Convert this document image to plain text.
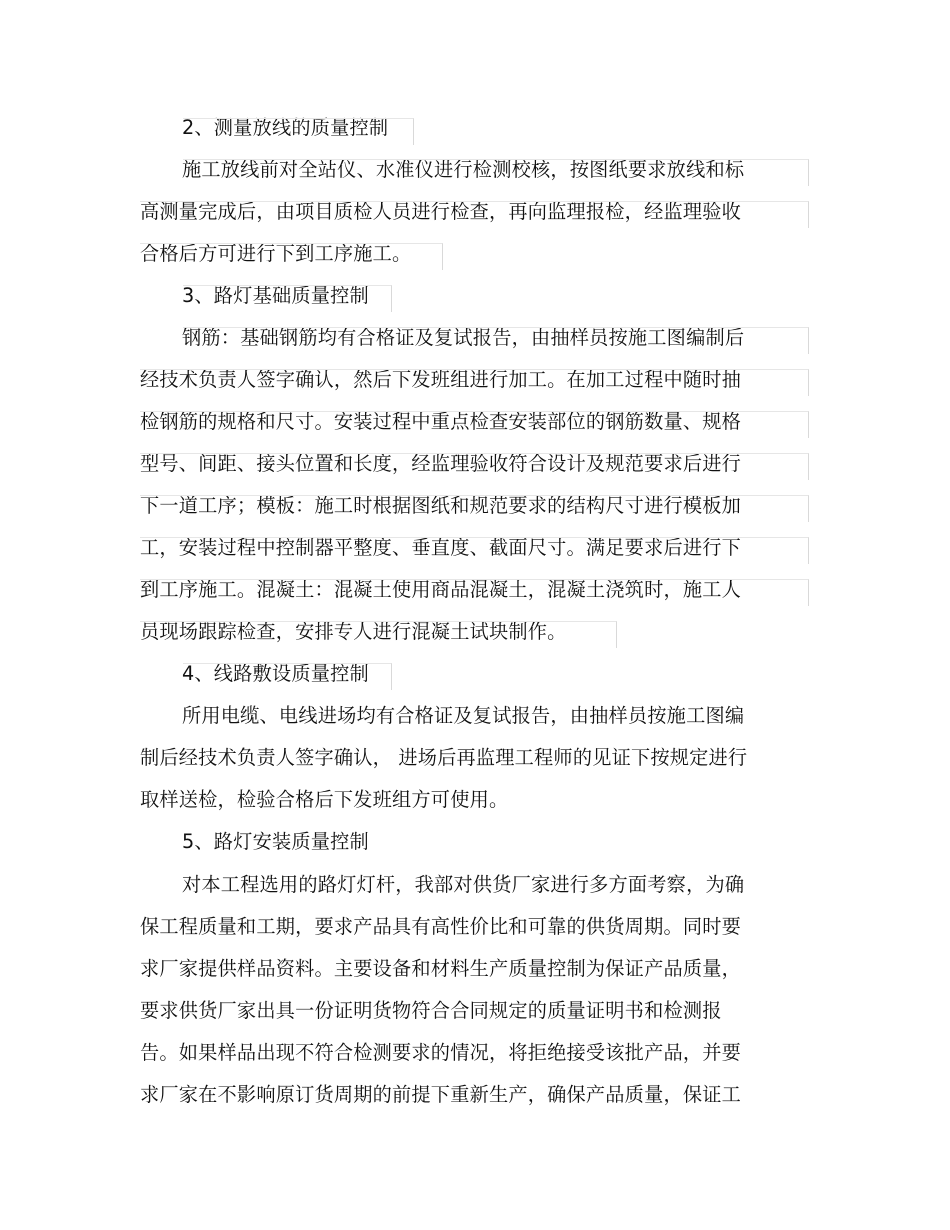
2、测量放线的质量控制
施工放线前对全站仪、水准仪进行检测校核，按图纸要求放线和标
高测量完成后，由项目质检人员进行检查，再向监理报检，经监理验收
合格后方可进行下到工序施工。
3、路灯基础质量控制
钢筋：基础钢筋均有合格证及复试报告，由抽样员按施工图编制后
经技术负责人签字确认，然后下发班组进行加工。在加工过程中随时抽
检钢筋的规格和尺寸。安装过程中重点检查安装部位的钢筋数量、规格
型号、间距、接头位置和长度，经监理验收符合设计及规范要求后进行
下一道工序；模板：施工时根据图纸和规范要求的结构尺寸进行模板加
工，安装过程中控制器平整度、垂直度、截面尺寸。满足要求后进行下
到工序施工。混凝土：混凝土使用商品混凝土，混凝土浇筑时，施工人
员现场跟踪检查，安排专人进行混凝土试块制作。
4、线路敷设质量控制
所用电缆、电线进场均有合格证及复试报告，由抽样员按施工图编
制后经技术负责人签字确认， 进场后再监理工程师的见证下按规定进行
取样送检，检验合格后下发班组方可使用。
5、路灯安装质量控制
对本工程选用的路灯灯杆，我部对供货厂家进行多方面考察，为确
保工程质量和工期，要求产品具有高性价比和可靠的供货周期。同时要
求厂家提供样品资料。主要设备和材料生产质量控制为保证产品质量，
要求供货厂家出具一份证明货物符合合同规定的质量证明书和检测报
告。如果样品出现不符合检测要求的情况，将拒绝接受该批产品，并要
求厂家在不影响原订货周期的前提下重新生产，确保产品质量，保证工
